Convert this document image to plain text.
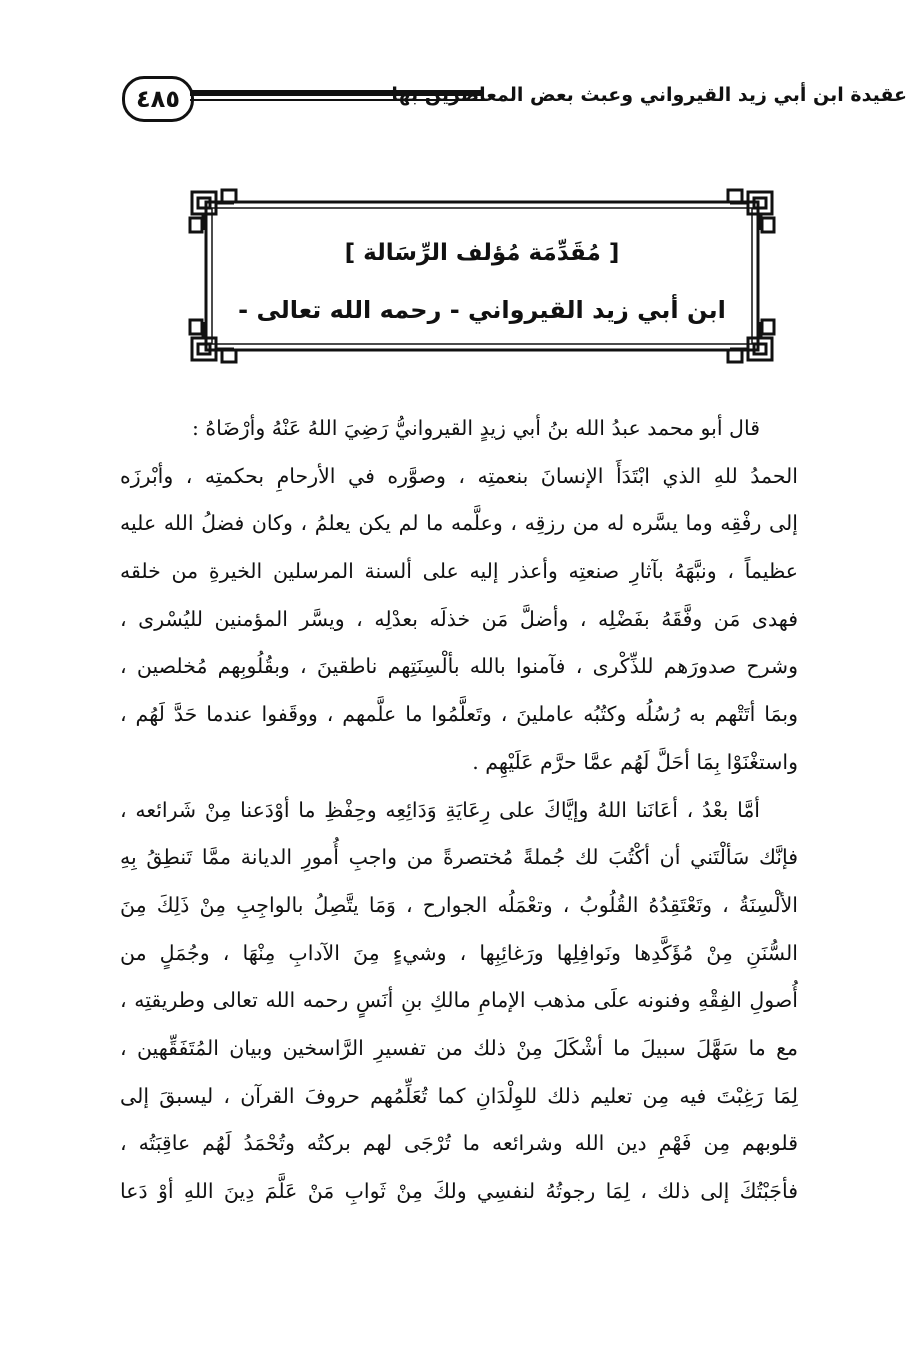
٤٨٥	عقيدة ابن أبي زيد القيرواني وعبث بعض المعاصرين بها
[ مُقَدِّمَة مُؤلف الرِّسَالة ]
ابن أبي زيد القيرواني - رحمه الله تعالى -
قال أبو محمد عبدُ الله بنُ أبي زيدٍ القيروانيُّ رَضِيَ اللهُ عَنْهُ وأرْضَاهُ :
الحمدُ للهِ الذي ابْتَدَأَ الإنسانَ بنعمتِه ، وصوَّره في الأرحامِ بحكمتِه ، وأبْرزَه
إلى رفْقِه وما يسَّره له من رزقِه ، وعلَّمه ما لم يكن يعلمُ ، وكان فضلُ الله عليه
عظيماً ، ونبَّهَهُ بآثارِ صنعتِه وأعذر إليه على ألسنة المرسلين الخيرةِ من خلقه
فهدى مَن وفَّقَهُ بفَضْلِه ، وأضلَّ مَن خذلَه بعدْلِه ، ويسَّر المؤمنين لليُسْرى ،
وشرح صدورَهم للذِّكْرى ، فآمنوا بالله بألْسِنَتِهم ناطقينَ ، وبقُلُوبِهم مُخلصين ،
وبمَا أتَتْهم به رُسُلُه وكتُبُه عاملينَ ، وتَعلَّمُوا ما علَّمهم ، ووقَفوا عندما حَدَّ لَهُم ،
واستغْنَوْا بِمَا أحَلَّ لَهُم عمَّا حرَّم عَلَيْهِم .
أمَّا بعْدُ ، أعَانَنا اللهُ وإيَّاكَ على رِعَايَةِ وَدَائِعِه وحِفْظِ ما أوْدَعنا مِنْ شَرائعه ،
فإنَّك سَألْتَني أن أكْتُبَ لك جُملةً مُختصرةً من واجبِ أُمورِ الديانة ممَّا تَنطِقُ بِهِ
الألْسِنَةُ ، وتَعْتَقِدُهُ القُلُوبُ ، وتعْمَلُه الجوارح ، وَمَا يتَّصِلُ بالواجِبِ مِنْ ذَلِكَ مِنَ
السُّنَنِ مِنْ مُؤَكَّدِها ونَوافِلِها ورَغائِبِها ، وشيءٍ مِنَ الآدابِ مِنْهَا ، وجُمَلٍ من
أُصولِ الفِقْهِ وفنونه علَى مذهب الإمامِ مالكِ بنِ أنَسٍ رحمه الله تعالى وطريقتِه ،
مع ما سَهَّلَ سبيلَ ما أشْكَلَ مِنْ ذلك من تفسيرِ الرَّاسخين وبيان المُتَفَقِّهين ،
لِمَا رَغِبْتَ فيه مِن تعليم ذلك للوِلْدَانِ كما تُعَلِّمُهم حروفَ القرآن ، ليسبقَ إلى
قلوبهم مِن فَهْمِ دين الله وشرائعه ما تُرْجَى لهم بركتُه وتُحْمَدُ لَهُم عاقِبَتُه ،
فأجَبْتُكَ إلى ذلك ، لِمَا رجوتُهُ لنفسِي ولكَ مِنْ ثَوابِ مَنْ عَلَّمَ دِينَ اللهِ أوْ دَعا
